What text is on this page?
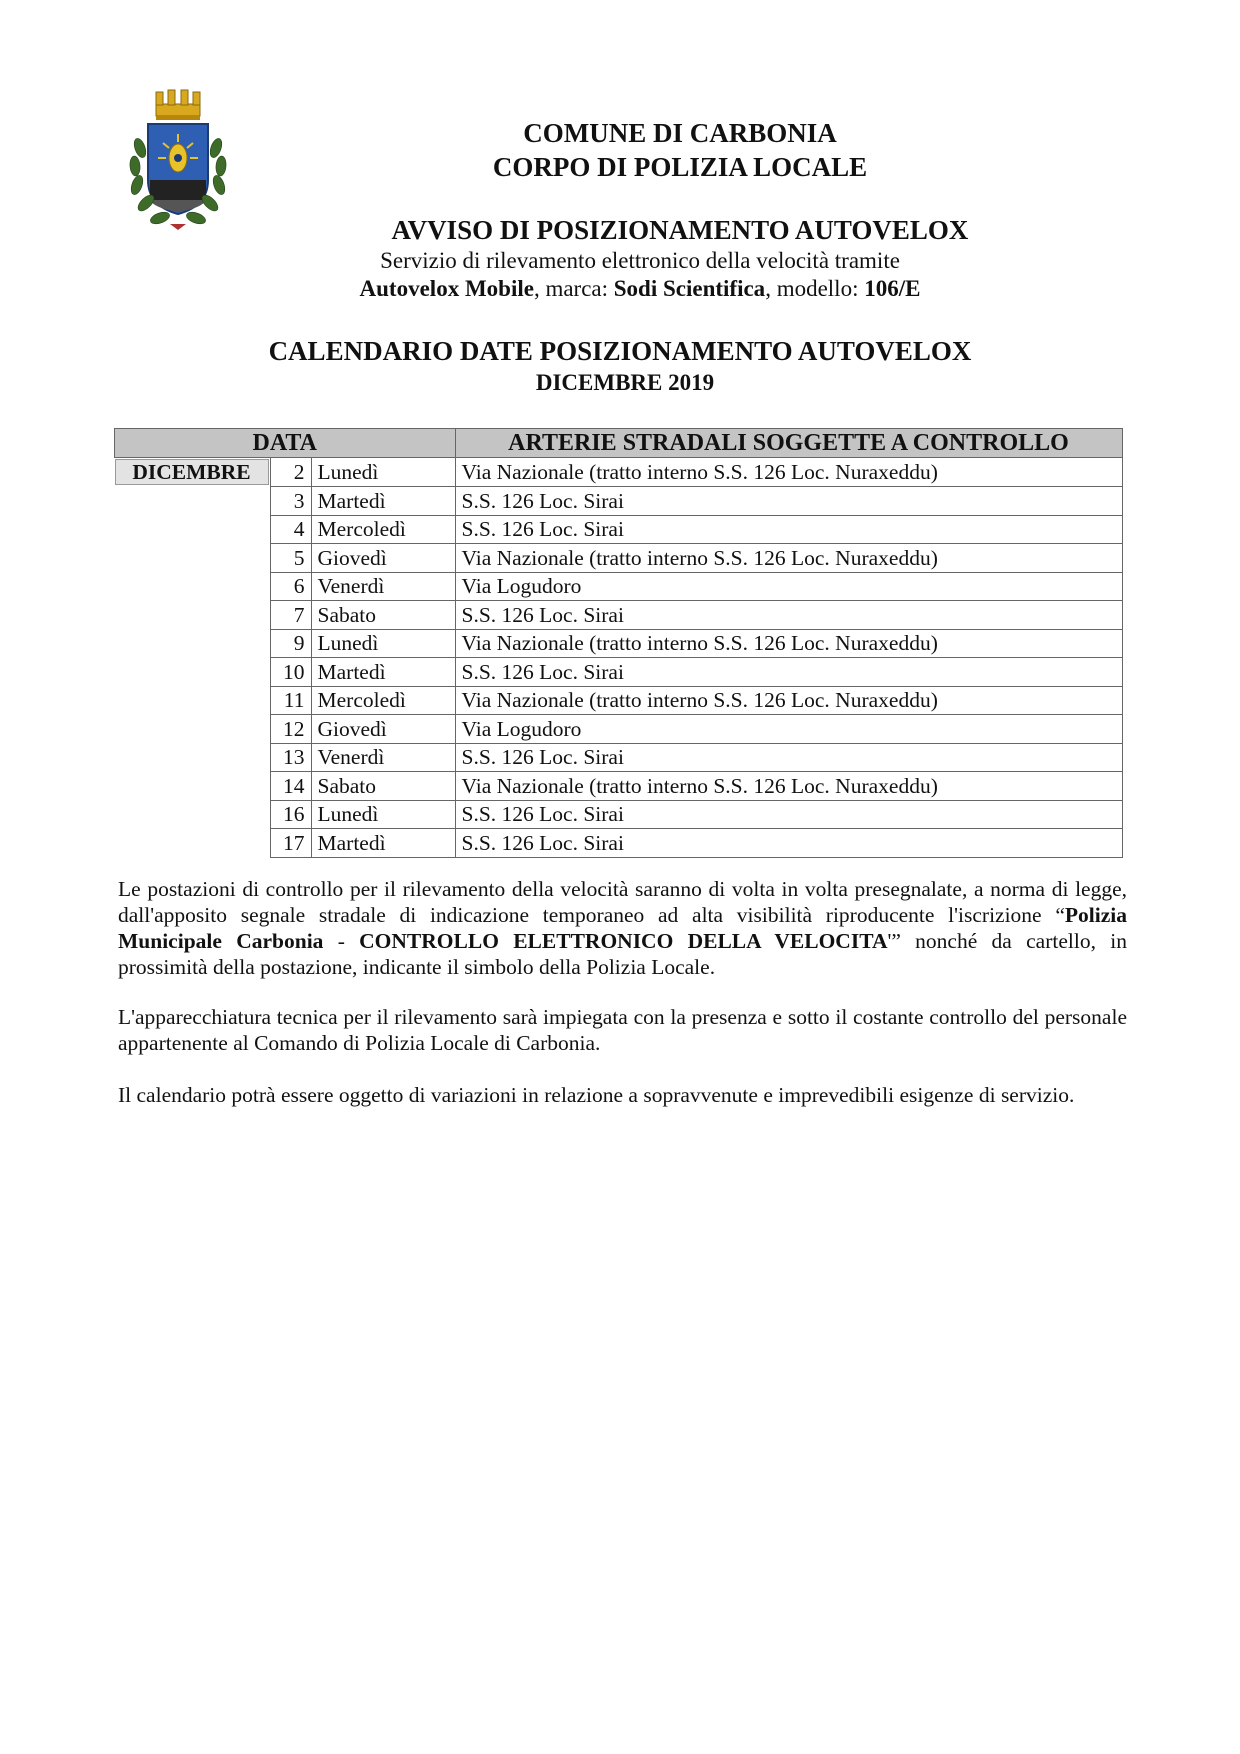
COMUNE DI CARBONIA
CORPO DI POLIZIA LOCALE
AVVISO DI POSIZIONAMENTO AUTOVELOX
Servizio di rilevamento elettronico della velocità tramite
Autovelox Mobile, marca: Sodi Scientifica, modello: 106/E
CALENDARIO DATE POSIZIONAMENTO AUTOVELOX
DICEMBRE 2019
DATA			ARTERIE STRADALI SOGGETTE A CONTROLLO

DICEMBRE	2	Lunedì	Via Nazionale (tratto interno S.S. 126 Loc. Nuraxeddu)
	3	Martedì	S.S. 126 Loc. Sirai
	4	Mercoledì	S.S. 126 Loc. Sirai
	5	Giovedì	Via Nazionale (tratto interno S.S. 126 Loc. Nuraxeddu)
	6	Venerdì	Via Logudoro
	7	Sabato	S.S. 126 Loc. Sirai
	9	Lunedì	Via Nazionale (tratto interno S.S. 126 Loc. Nuraxeddu)
	10	Martedì	S.S. 126 Loc. Sirai
	11	Mercoledì	Via Nazionale (tratto interno S.S. 126 Loc. Nuraxeddu)
	12	Giovedì	Via Logudoro
	13	Venerdì	S.S. 126 Loc. Sirai
	14	Sabato	Via Nazionale (tratto interno S.S. 126 Loc. Nuraxeddu)
	16	Lunedì	S.S. 126 Loc. Sirai
	17	Martedì	S.S. 126 Loc. Sirai
Le postazioni di controllo per il rilevamento della velocità saranno di volta in volta presegnalate, a norma di legge, dall'apposito segnale stradale di indicazione temporaneo ad alta visibilità riproducente l'iscrizione “Polizia Municipale Carbonia - CONTROLLO ELETTRONICO DELLA VELOCITA'” nonché da cartello, in prossimità della postazione, indicante il simbolo della Polizia Locale.
L'apparecchiatura tecnica per il rilevamento sarà impiegata con la presenza e sotto il costante controllo del personale appartenente al Comando di Polizia Locale di Carbonia.
Il calendario potrà essere oggetto di variazioni in relazione a sopravvenute e imprevedibili esigenze di servizio.
